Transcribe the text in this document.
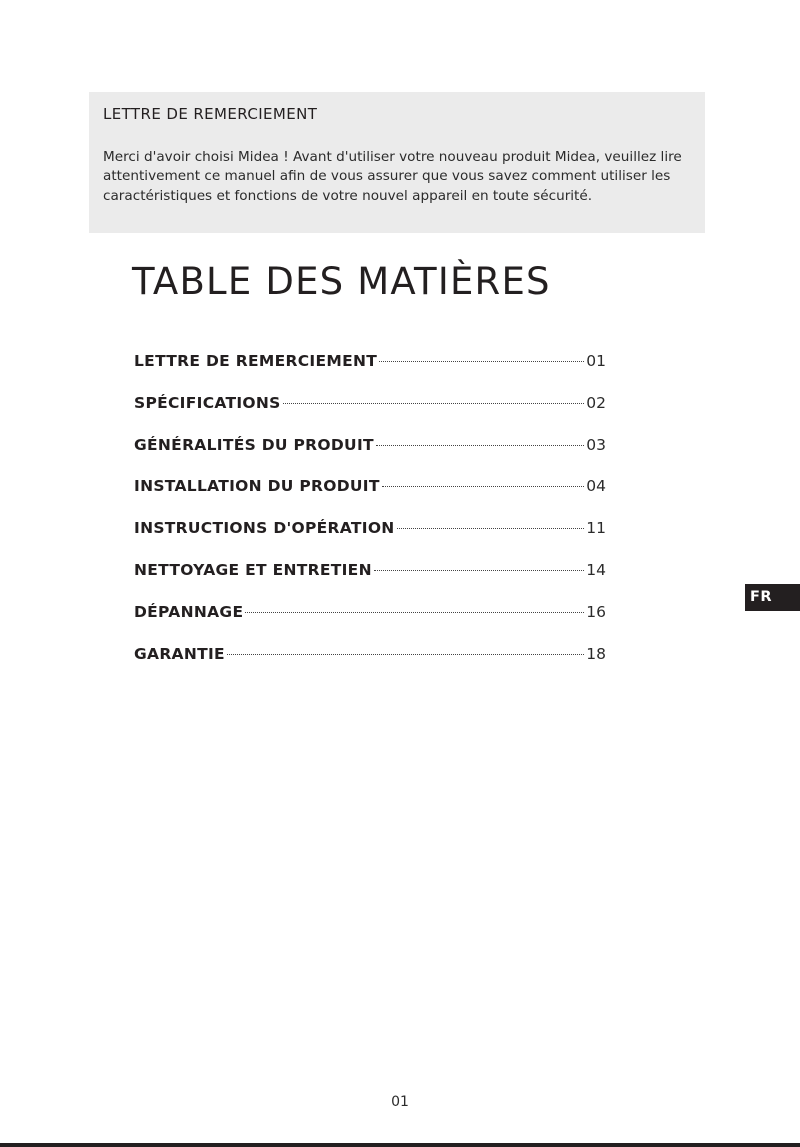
LETTRE DE REMERCIEMENT
Merci d'avoir choisi Midea ! Avant d'utiliser votre nouveau produit Midea, veuillez lire attentivement ce manuel afin de vous assurer que vous savez comment utiliser les caractéristiques et fonctions de votre nouvel appareil en toute sécurité.
TABLE DES MATIÈRES
LETTRE DE REMERCIEMENT	01
SPÉCIFICATIONS	02
GÉNÉRALITÉS DU PRODUIT	03
INSTALLATION DU PRODUIT	04
INSTRUCTIONS D'OPÉRATION	11
NETTOYAGE ET ENTRETIEN	14
DÉPANNAGE	16
GARANTIE	18
FR
01
